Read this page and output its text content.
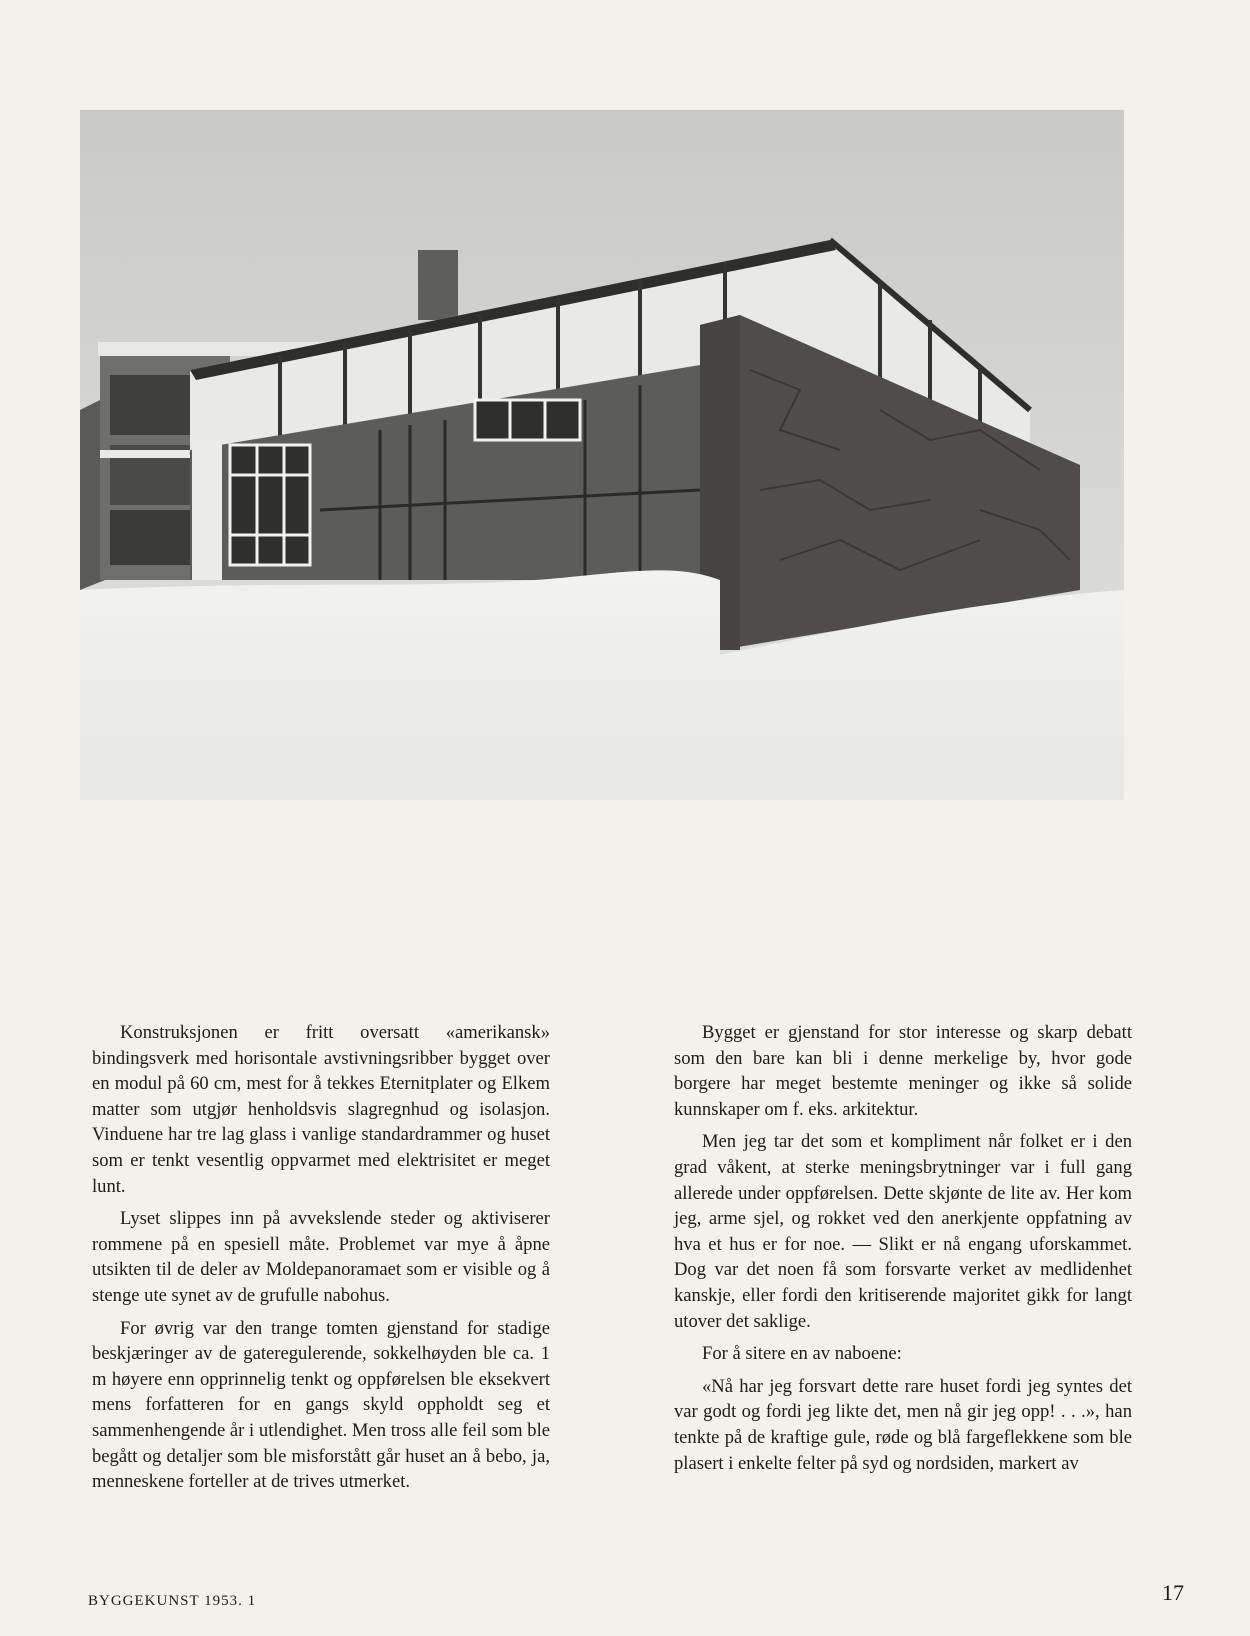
Konstruksjonen er fritt oversatt «amerikansk» bindingsverk med horisontale avstivningsribber bygget over en modul på 60 cm, mest for å tekkes Eternitplater og Elkem matter som utgjør henholdsvis slagregnhud og isolasjon. Vinduene har tre lag glass i vanlige standardrammer og huset som er tenkt vesentlig oppvarmet med elektrisitet er meget lunt.

Lyset slippes inn på avvekslende steder og aktiviserer rommene på en spesiell måte. Problemet var mye å åpne utsikten til de deler av Moldepanoramaet som er visible og å stenge ute synet av de grufulle nabohus.

For øvrig var den trange tomten gjenstand for stadige beskjæringer av de gateregulerende, sokkelhøyden ble ca. 1 m høyere enn opprinnelig tenkt og oppførelsen ble eksekvert mens forfatteren for en gangs skyld oppholdt seg et sammenhengende år i utlendighet. Men tross alle feil som ble begått og detaljer som ble misforstått går huset an å bebo, ja, menneskene forteller at de trives utmerket.

Bygget er gjenstand for stor interesse og skarp debatt som den bare kan bli i denne merkelige by, hvor gode borgere har meget bestemte meninger og ikke så solide kunnskaper om f. eks. arkitektur.

Men jeg tar det som et kompliment når folket er i den grad våkent, at sterke meningsbrytninger var i full gang allerede under oppførelsen. Dette skjønte de lite av. Her kom jeg, arme sjel, og rokket ved den anerkjente oppfatning av hva et hus er for noe. — Slikt er nå engang uforskammet. Dog var det noen få som forsvarte verket av medlidenhet kanskje, eller fordi den kritiserende majoritet gikk for langt utover det saklige.

For å sitere en av naboene:

«Nå har jeg forsvart dette rare huset fordi jeg syntes det var godt og fordi jeg likte det, men nå gir jeg opp! . . .», han tenkte på de kraftige gule, røde og blå fargeflekkene som ble plasert i enkelte felter på syd og nordsiden, markert av

BYGGEKUNST 1953. 1	17
